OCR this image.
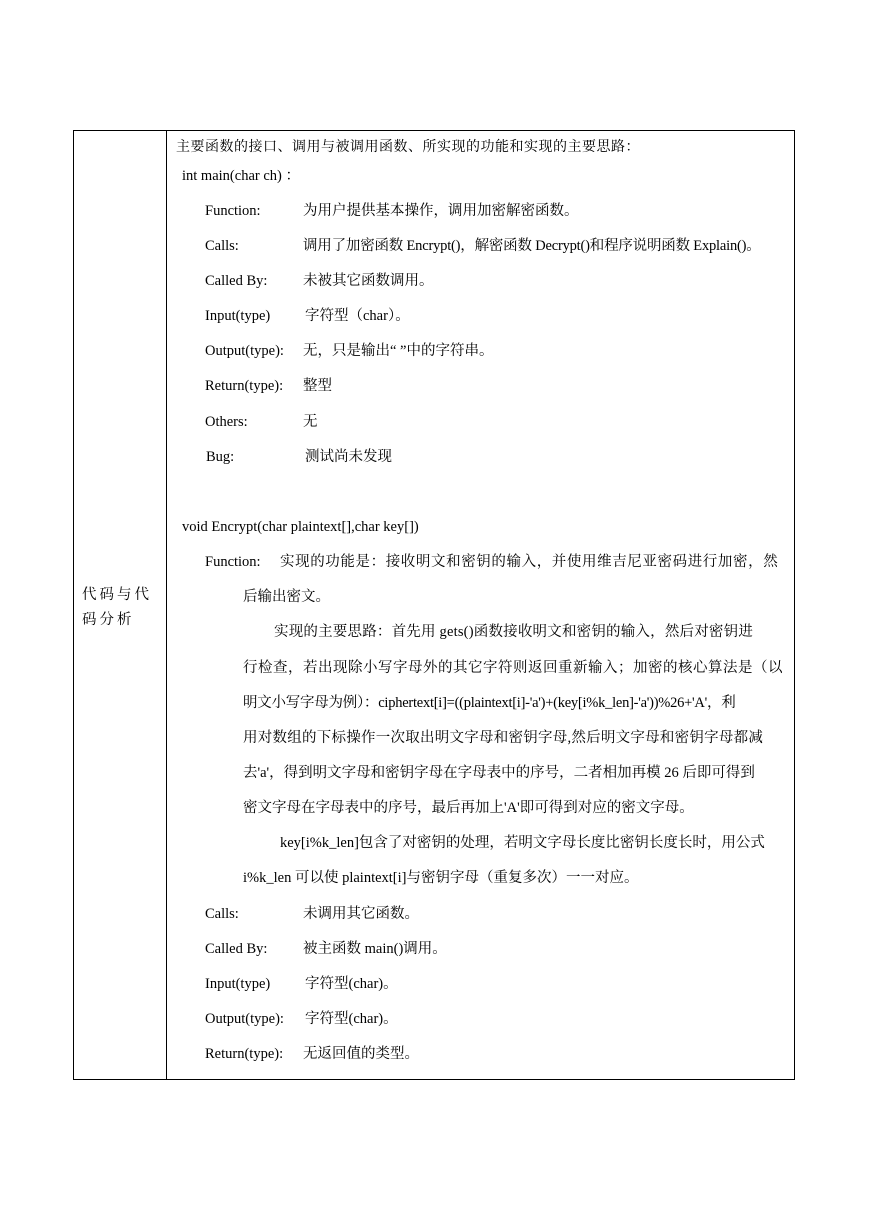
代码与代码分析
主要函数的接口、调用与被调用函数、所实现的功能和实现的主要思路：
int main(char ch) ：
Function:	为用户提供基本操作，调用加密解密函数。
Calls:	调用了加密函数 Encrypt()，解密函数 Decrypt()和程序说明函数 Explain()。
Called By: 未被其它函数调用。
Input(type) 字符型（char）。
Output(type): 无，只是输出“ ”中的字符串。
Return(type): 整型
Others:	无
Bug:	测试尚未发现
void Encrypt(char plaintext[],char key[])
Function: 实现的功能是：接收明文和密钥的输入，并使用维吉尼亚密码进行加密，然
后输出密文。
实现的主要思路：首先用 gets()函数接收明文和密钥的输入，然后对密钥进
行检查，若出现除小写字母外的其它字符则返回重新输入；加密的核心算法是（以
明文小写字母为例）：ciphertext[i]=((plaintext[i]-'a')+(key[i%k_len]-'a'))%26+'A'，利
用对数组的下标操作一次取出明文字母和密钥字母,然后明文字母和密钥字母都减
去'a'，得到明文字母和密钥字母在字母表中的序号，二者相加再模 26 后即可得到
密文字母在字母表中的序号，最后再加上'A'即可得到对应的密文字母。
key[i%k_len]包含了对密钥的处理，若明文字母长度比密钥长度长时，用公式
i%k_len 可以使 plaintext[i]与密钥字母（重复多次）一一对应。
Calls:	未调用其它函数。
Called By: 被主函数 main()调用。
Input(type) 字符型(char)。
Output(type): 字符型(char)。
Return(type): 无返回值的类型。
